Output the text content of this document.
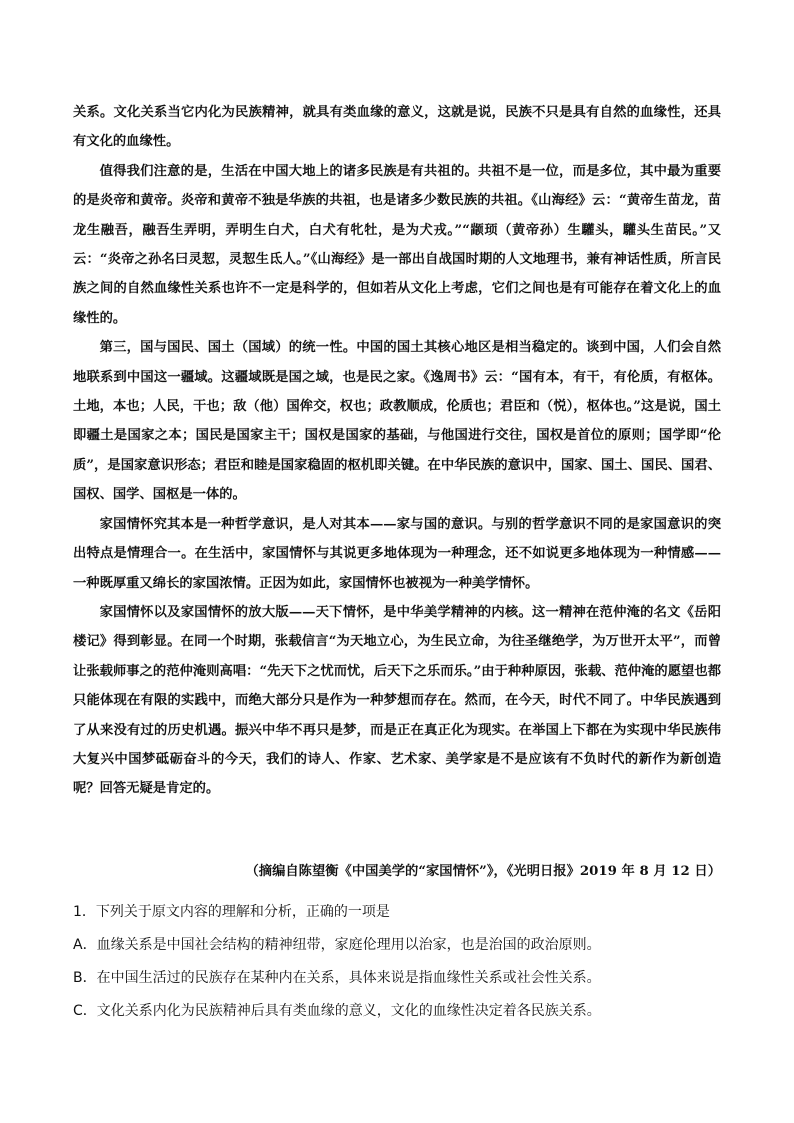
关系。文化关系当它内化为民族精神，就具有类血缘的意义，这就是说，民族不只是具有自然的血缘性，还具有文化的血缘性。

值得我们注意的是，生活在中国大地上的诸多民族是有共祖的。共祖不是一位，而是多位，其中最为重要的是炎帝和黄帝。炎帝和黄帝不独是华族的共祖，也是诸多少数民族的共祖。《山海经》云：“黄帝生苗龙，苗龙生融吾，融吾生弄明，弄明生白犬，白犬有牝牡，是为犬戎。”“颛顼（黄帝孙）生驩头，驩头生苗民。”又云：“炎帝之孙名曰灵恝，灵恝生氐人。”《山海经》是一部出自战国时期的人文地理书，兼有神话性质，所言民族之间的自然血缘性关系也许不一定是科学的，但如若从文化上考虑，它们之间也是有可能存在着文化上的血缘性的。

第三，国与国民、国土（国域）的统一性。中国的国土其核心地区是相当稳定的。谈到中国，人们会自然地联系到中国这一疆域。这疆域既是国之域，也是民之家。《逸周书》云：“国有本，有干，有伦质，有枢体。土地，本也；人民，干也；敌（他）国侔交，权也；政教顺成，伦质也；君臣和（悦），枢体也。”这是说，国土即疆土是国家之本；国民是国家主干；国权是国家的基础，与他国进行交往，国权是首位的原则；国学即“伦质”，是国家意识形态；君臣和睦是国家稳固的枢机即关键。在中华民族的意识中，国家、国土、国民、国君、国权、国学、国枢是一体的。

家国情怀究其本是一种哲学意识，是人对其本——家与国的意识。与别的哲学意识不同的是家国意识的突出特点是情理合一。在生活中，家国情怀与其说更多地体现为一种理念，还不如说更多地体现为一种情感——一种既厚重又绵长的家国浓情。正因为如此，家国情怀也被视为一种美学情怀。

家国情怀以及家国情怀的放大版——天下情怀，是中华美学精神的内核。这一精神在范仲淹的名文《岳阳楼记》得到彰显。在同一个时期，张载信言“为天地立心，为生民立命，为往圣继绝学，为万世开太平”，而曾让张载师事之的范仲淹则高唱：“先天下之忧而忧，后天下之乐而乐。”由于种种原因，张载、范仲淹的愿望也都只能体现在有限的实践中，而绝大部分只是作为一种梦想而存在。然而，在今天，时代不同了。中华民族遇到了从来没有过的历史机遇。振兴中华不再只是梦，而是正在真正化为现实。在举国上下都在为实现中华民族伟大复兴中国梦砥砺奋斗的今天，我们的诗人、作家、艺术家、美学家是不是应该有不负时代的新作为新创造呢？回答无疑是肯定的。

（摘编自陈望衡《中国美学的“家国情怀”》，《光明日报》2019 年 8 月 12 日）

1．下列关于原文内容的理解和分析，正确的一项是

A．血缘关系是中国社会结构的精神纽带，家庭伦理用以治家，也是治国的政治原则。

B．在中国生活过的民族存在某种内在关系，具体来说是指血缘性关系或社会性关系。

C．文化关系内化为民族精神后具有类血缘的意义，文化的血缘性决定着各民族关系。
